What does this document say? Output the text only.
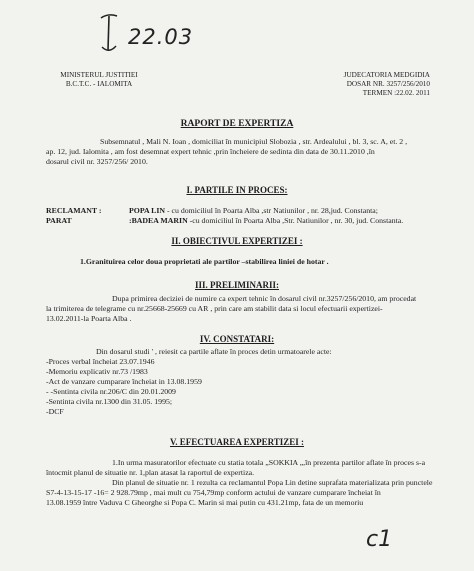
22.03
MINISTERUL JUSTITIEI
B.C.T.C. - IALOMITA
JUDECATORIA MEDGIDIA
DOSAR NR. 3257/256/2010
TERMEN :22.02. 2011
RAPORT DE EXPERTIZA
Subsemnatul , Mali N. Ioan , domiciliat în municipiul Slobozia , str. Ardealului , bl. 3, sc. A, et. 2 ,
ap. 12, jud. Ialomita , am fost desemnat expert tehnic ,prin încheiere de sedinta din data de 30.11.2010 ,în
dosarul civil nr. 3257/256/ 2010.
I. PARTILE IN PROCES:
RECLAMANT :	POPA LIN - cu domiciliul în Poarta Alba ,str Natiunilor , nr. 28,jud. Constanta;
PARAT	:BADEA MARIN -cu domiciliul în Poarta Alba ,Str. Natiunilor , nr. 30, jud. Constanta.
II. OBIECTIVUL EXPERTIZEI :
1.Granituirea celor doua proprietati ale partilor –stabilirea liniei de hotar .
III. PRELIMINARII:
Dupa primirea deciziei de numire ca expert tehnic în dosarul civil nr.3257/256/2010, am procedat
la trimiterea de telegrame cu nr.25668-25669 cu AR , prin care am stabilit data si locul efectuarii expertizei-
13.02.2011-la Poarta Alba .
IV. CONSTATARI:
Din dosarul studi ' , reiesit ca partile aflate în proces detin urmatoarele acte:
-Proces verbal încheiat 23.07.1946
-Memoriu explicativ nr.73 /1983
-Act de vanzare cumparare încheiat in 13.08.1959
- -Sentinta civila nr.206/C din 20.01.2009
-Sentinta civila nr.1300 din 31.05. 1995;
-DCF
V. EFECTUAREA EXPERTIZEI :
1.In urma masuratorilor efectuate cu statia totala „SOKKIA „,în prezenta partilor aflate în proces s-a
întocmit planul de situatie nr. 1,plan atasat la raportul de expertiza.
Din planul de situatie nr. 1 rezulta ca reclamantul Popa Lin detine suprafata materializata prin punctele
S7-4-13-15-17 -16= 2 928.79mp , mai mult cu 754,79mp conform actului de vanzare cumparare încheiat în
13.08.1959 între Vaduva C Gheorghe si Popa C. Marin si mai putin cu 431.21mp, fata de un memoriu
c1
